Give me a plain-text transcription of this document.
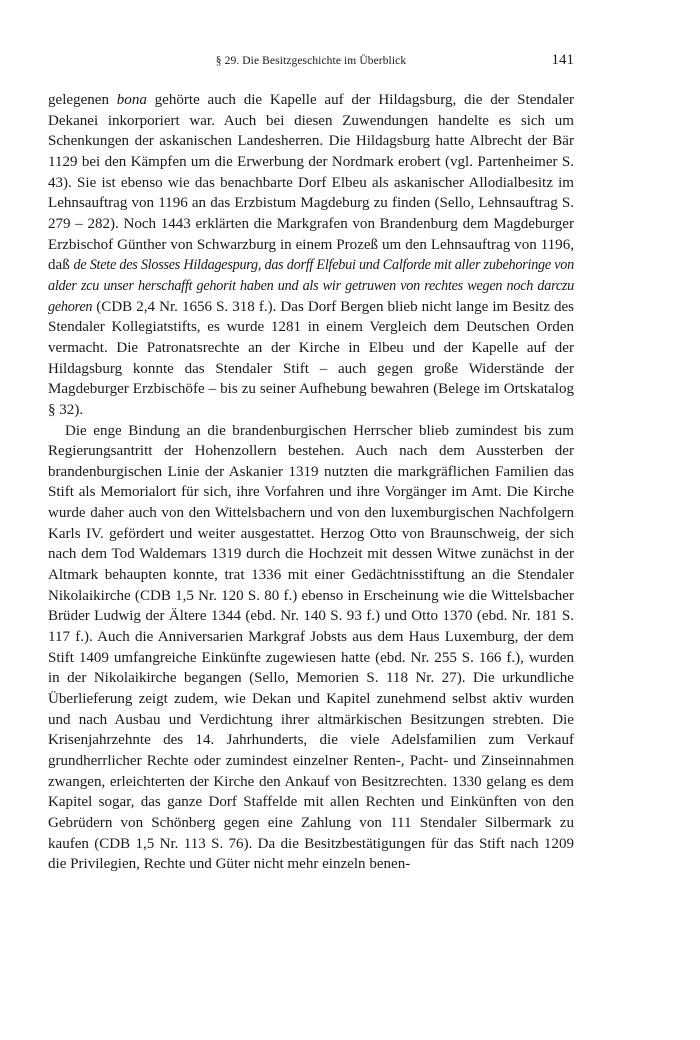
§ 29. Die Besitzgeschichte im Überblick	141

gelegenen bona gehörte auch die Kapelle auf der Hildagsburg, die der Stendaler Dekanei inkorporiert war. Auch bei diesen Zuwendungen handelte es sich um Schenkungen der askanischen Landesherren. Die Hildagsburg hatte Albrecht der Bär 1129 bei den Kämpfen um die Erwerbung der Nordmark erobert (vgl. Partenheimer S. 43). Sie ist ebenso wie das benachbarte Dorf Elbeu als askanischer Allodialbesitz im Lehnsauftrag von 1196 an das Erzbistum Magdeburg zu finden (Sello, Lehnsauftrag S. 279 – 282). Noch 1443 erklärten die Markgrafen von Brandenburg dem Magdeburger Erzbischof Günther von Schwarzburg in einem Prozeß um den Lehnsauftrag von 1196, daß de Stete des Slosses Hildagespurg, das dorff Elfebui und Calforde mit aller zubehoringe von alder zcu unser herschafft gehorit haben und als wir getruwen von rechtes wegen noch darczu gehoren (CDB 2,4 Nr. 1656 S. 318 f.). Das Dorf Bergen blieb nicht lange im Besitz des Stendaler Kollegiatstifts, es wurde 1281 in einem Vergleich dem Deutschen Orden vermacht. Die Patronatsrechte an der Kirche in Elbeu und der Kapelle auf der Hildagsburg konnte das Stendaler Stift – auch gegen große Widerstände der Magdeburger Erzbischöfe – bis zu seiner Aufhebung bewahren (Belege im Ortskatalog § 32).

Die enge Bindung an die brandenburgischen Herrscher blieb zumindest bis zum Regierungsantritt der Hohenzollern bestehen. Auch nach dem Aussterben der brandenburgischen Linie der Askanier 1319 nutzten die markgräflichen Familien das Stift als Memorialort für sich, ihre Vorfahren und ihre Vorgänger im Amt. Die Kirche wurde daher auch von den Wittelsbachern und von den luxemburgischen Nachfolgern Karls IV. gefördert und weiter ausgestattet. Herzog Otto von Braunschweig, der sich nach dem Tod Waldemars 1319 durch die Hochzeit mit dessen Witwe zunächst in der Altmark behaupten konnte, trat 1336 mit einer Gedächtnisstiftung an die Stendaler Nikolaikirche (CDB 1,5 Nr. 120 S. 80 f.) ebenso in Erscheinung wie die Wittelsbacher Brüder Ludwig der Ältere 1344 (ebd. Nr. 140 S. 93 f.) und Otto 1370 (ebd. Nr. 181 S. 117 f.). Auch die Anniversarien Markgraf Jobsts aus dem Haus Luxemburg, der dem Stift 1409 umfangreiche Einkünfte zugewiesen hatte (ebd. Nr. 255 S. 166 f.), wurden in der Nikolaikirche begangen (Sello, Memorien S. 118 Nr. 27). Die urkundliche Überlieferung zeigt zudem, wie Dekan und Kapitel zunehmend selbst aktiv wurden und nach Ausbau und Verdichtung ihrer altmärkischen Besitzungen strebten. Die Krisenjahrzehnte des 14. Jahrhunderts, die viele Adelsfamilien zum Verkauf grundherrlicher Rechte oder zumindest einzelner Renten-, Pacht- und Zinseinnahmen zwangen, erleichterten der Kirche den Ankauf von Besitzrechten. 1330 gelang es dem Kapitel sogar, das ganze Dorf Staffelde mit allen Rechten und Einkünften von den Gebrüdern von Schönberg gegen eine Zahlung von 111 Stendaler Silbermark zu kaufen (CDB 1,5 Nr. 113 S. 76). Da die Besitzbestätigungen für das Stift nach 1209 die Privilegien, Rechte und Güter nicht mehr einzeln benen-
